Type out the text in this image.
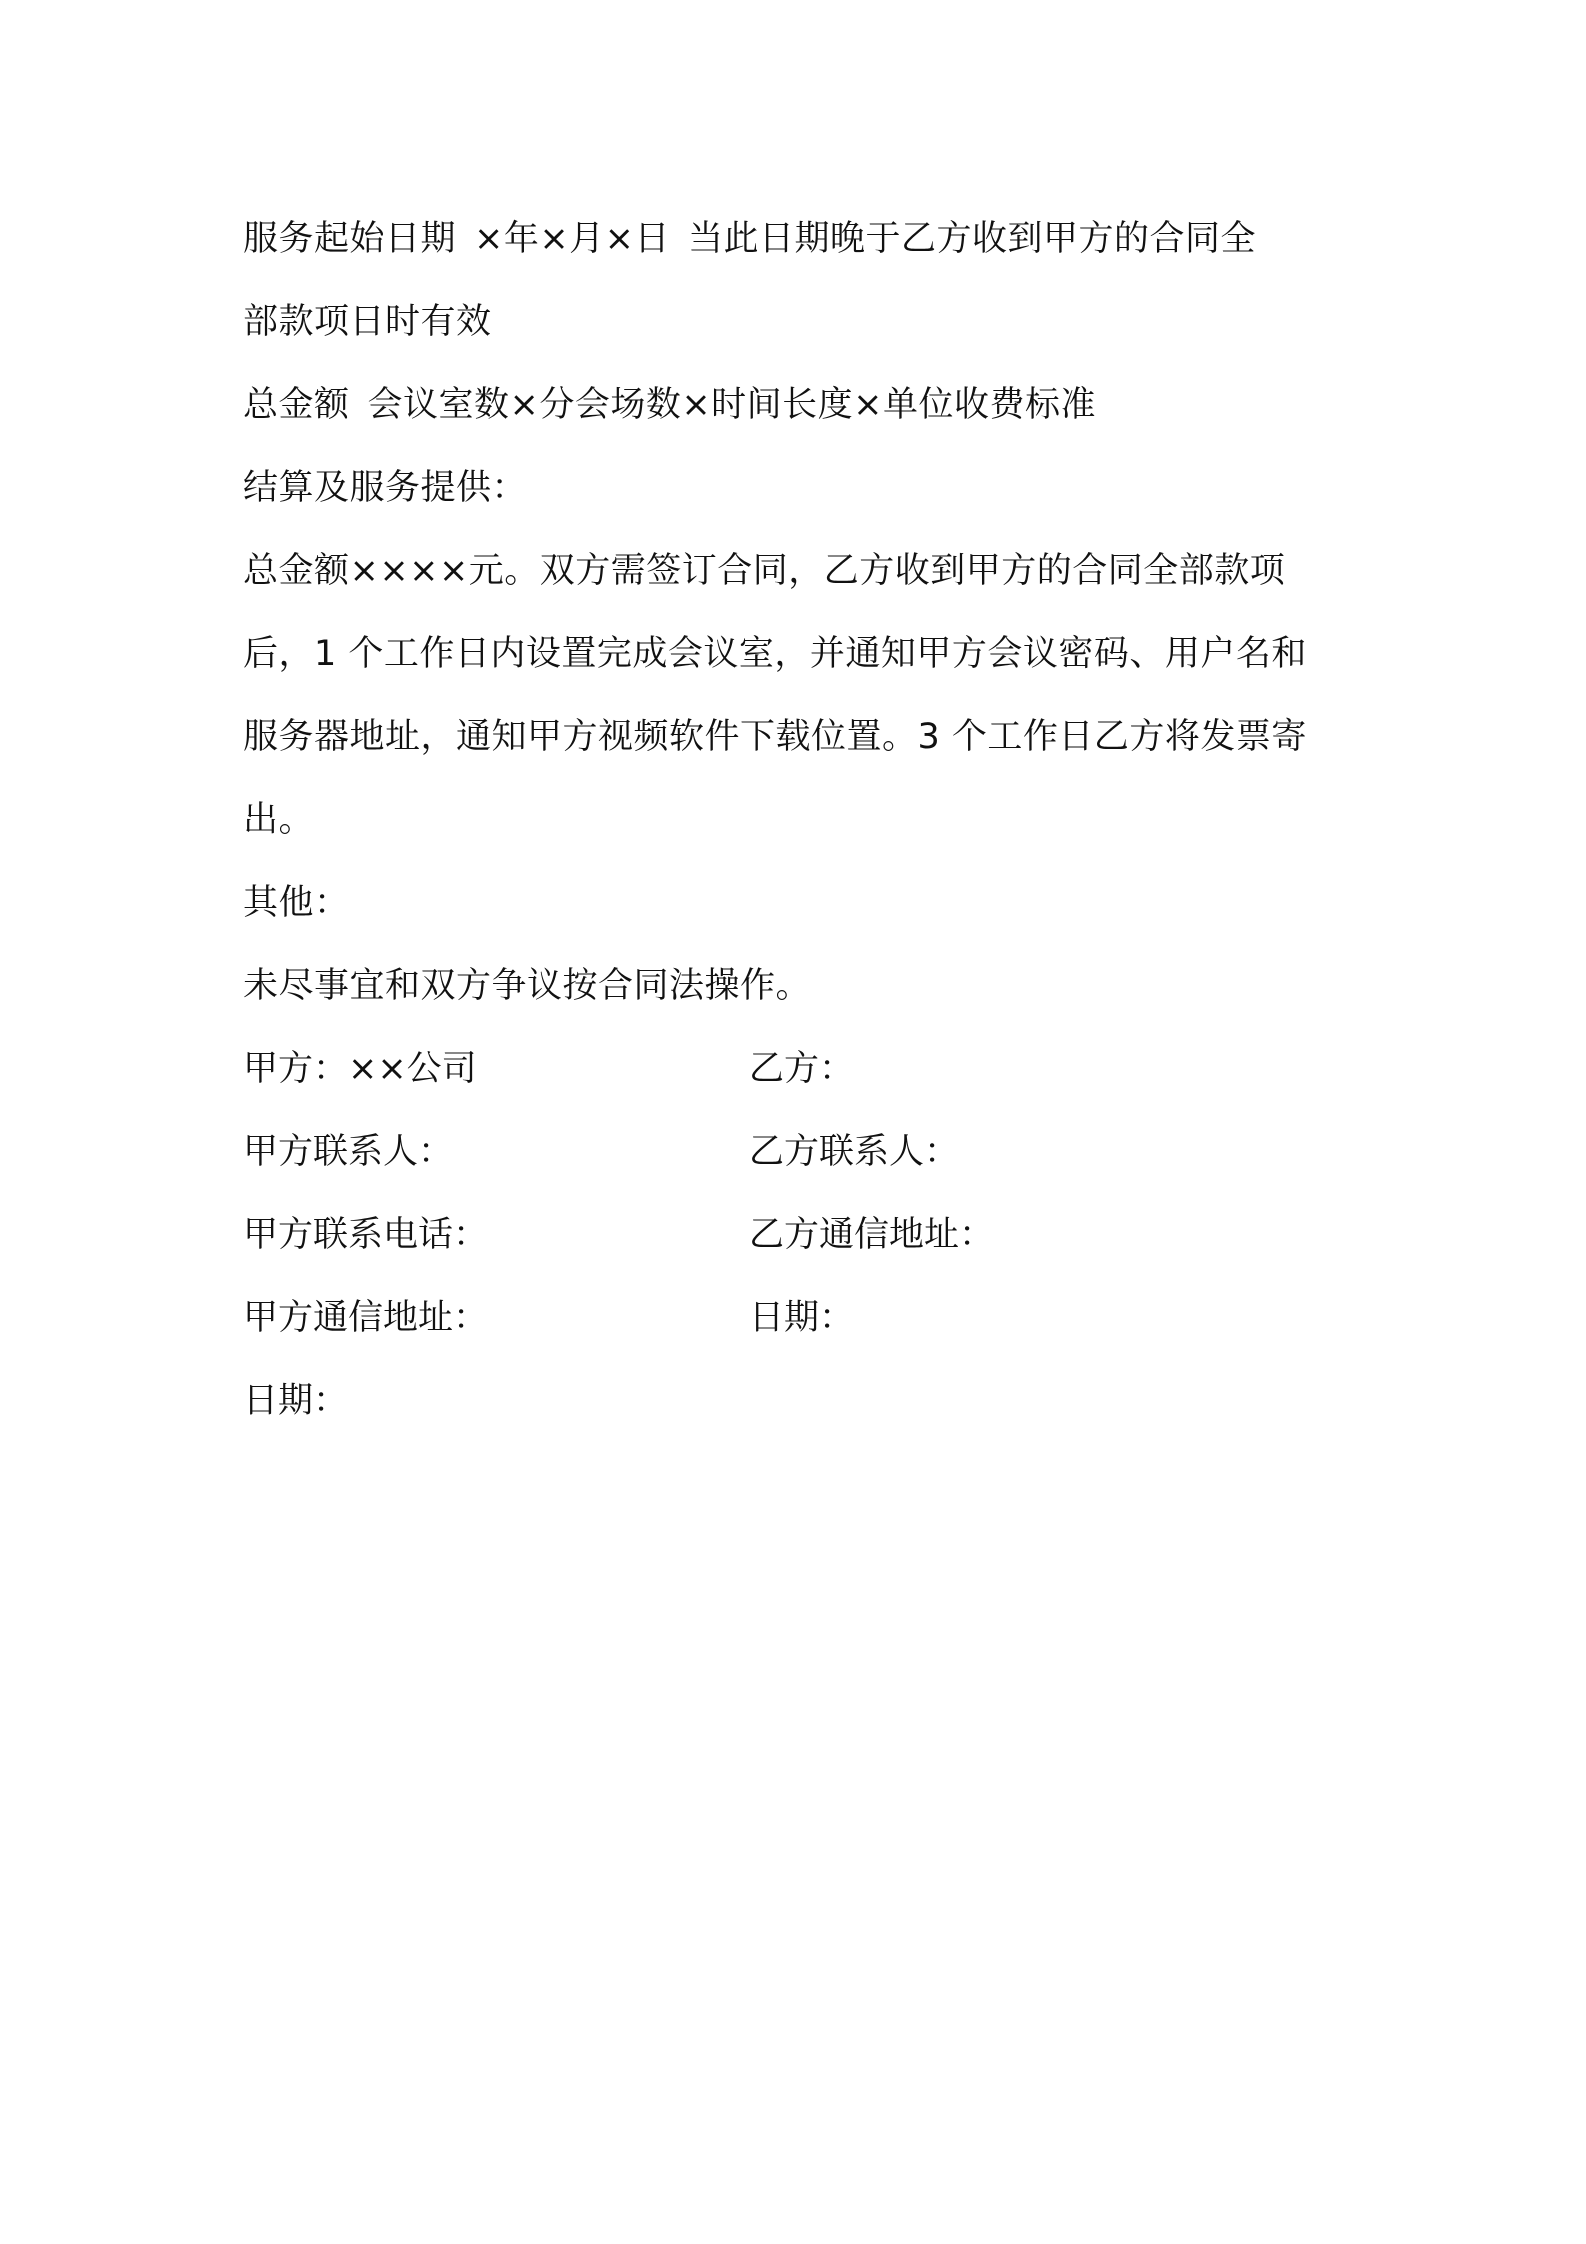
服务起始日期 ×年×月×日 当此日期晚于乙方收到甲方的合同全
部款项日时有效
总金额 会议室数×分会场数×时间长度×单位收费标准
结算及服务提供：
总金额××××元。双方需签订合同，乙方收到甲方的合同全部款项
后，1 个工作日内设置完成会议室，并通知甲方会议密码、用户名和
服务器地址，通知甲方视频软件下载位置。3 个工作日乙方将发票寄
出。
其他：
未尽事宜和双方争议按合同法操作。
甲方：××公司	乙方：
甲方联系人：	乙方联系人：
甲方联系电话：	乙方通信地址：
甲方通信地址：	日期：
日期：
